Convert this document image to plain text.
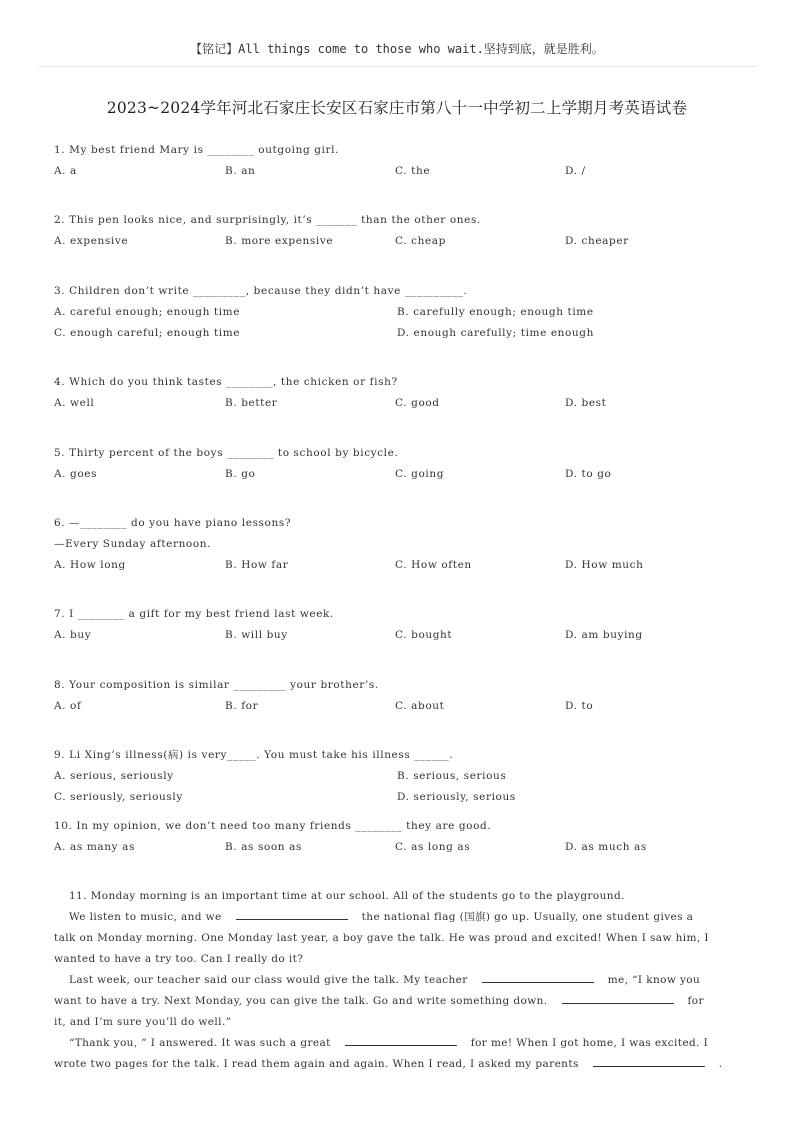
【铭记】All things come to those who wait.坚持到底，就是胜利。
2023~2024学年河北石家庄长安区石家庄市第八十一中学初二上学期月考英语试卷
1. My best friend Mary is ________ outgoing girl.
A. a	B. an	C. the	D. /
2. This pen looks nice, and surprisingly, it’s _______ than the other ones.
A. expensive	B. more expensive	C. cheap	D. cheaper
3. Children don’t write _________, because they didn’t have __________.
A. careful enough; enough time	B. carefully enough; enough time
C. enough careful; enough time	D. enough carefully; time enough
4. Which do you think tastes ________, the chicken or fish?
A. well	B. better	C. good	D. best
5. Thirty percent of the boys ________ to school by bicycle.
A. goes	B. go	C. going	D. to go
6. —________ do you have piano lessons?
—Every Sunday afternoon.
A. How long	B. How far	C. How often	D. How much
7. I ________ a gift for my best friend last week.
A. buy	B. will buy	C. bought	D. am buying
8. Your composition is similar _________ your brother’s.
A. of	B. for	C. about	D. to
9. Li Xing’s illness(病) is very_____. You must take his illness ______.
A. serious, seriously	B. serious, serious
C. seriously, seriously	D. seriously, serious
10. In my opinion, we don’t need too many friends ________ they are good.
A. as many as	B. as soon as	C. as long as	D. as much as
11. Monday morning is an important time at our school. All of the students go to the playground.
We listen to music, and we	the national flag (国旗) go up. Usually, one student gives a
talk on Monday morning. One Monday last year, a boy gave the talk. He was proud and excited! When I saw him, I
wanted to have a try too. Can I really do it?
Last week, our teacher said our class would give the talk. My teacher	me, “I know you
want to have a try. Next Monday, you can give the talk. Go and write something down.	for
it, and I’m sure you’ll do well.”
“Thank you, ” I answered. It was such a great	for me! When I got home, I was excited. I
wrote two pages for the talk. I read them again and again. When I read, I asked my parents	.
